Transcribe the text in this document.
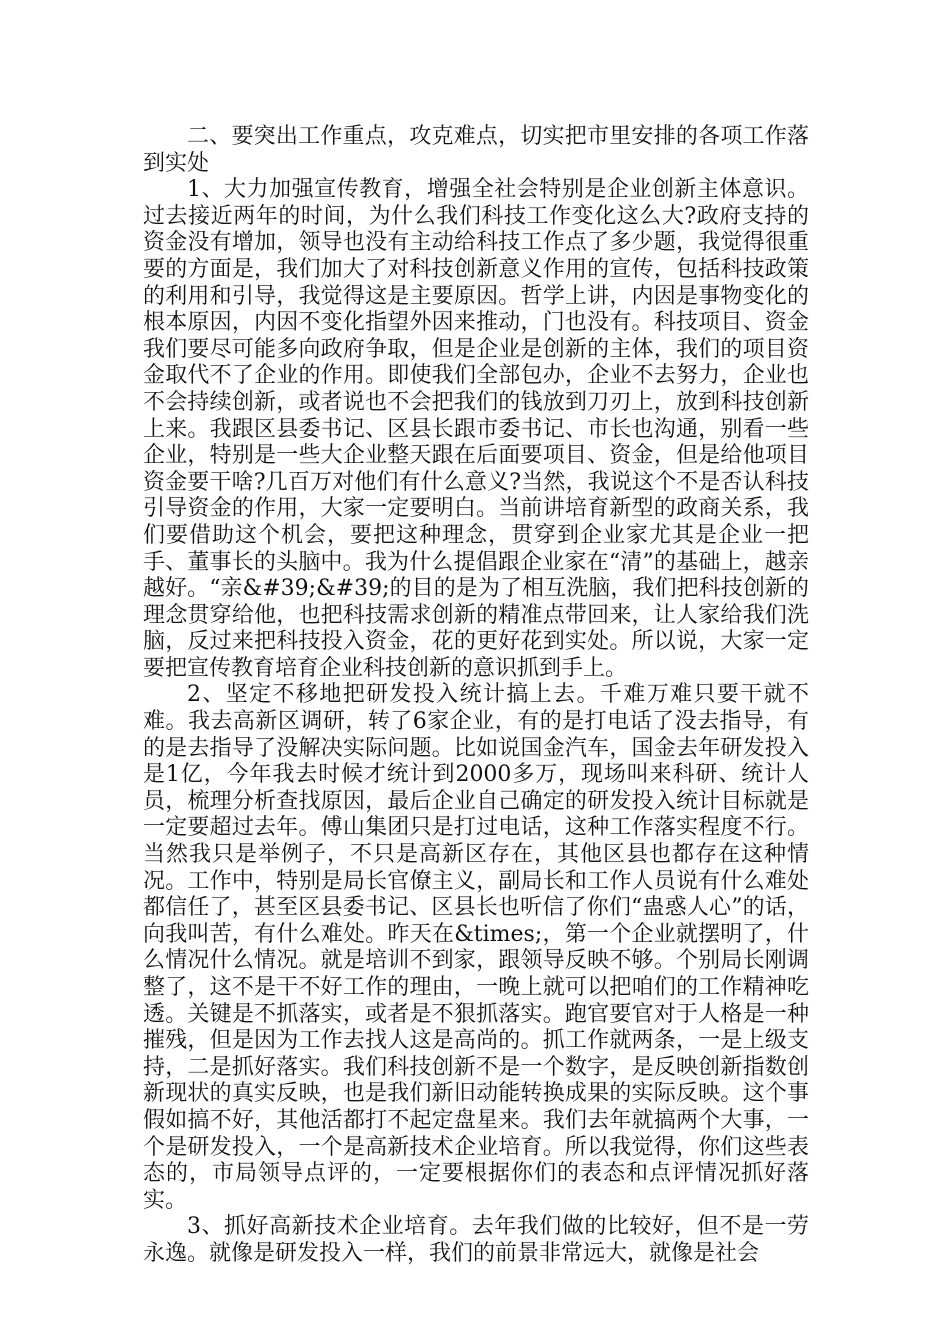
二、要突出工作重点，攻克难点，切实把市里安排的各项工作落到实处

1、大力加强宣传教育，增强全社会特别是企业创新主体意识。过去接近两年的时间，为什么我们科技工作变化这么大?政府支持的资金没有增加，领导也没有主动给科技工作点了多少题，我觉得很重要的方面是，我们加大了对科技创新意义作用的宣传，包括科技政策的利用和引导，我觉得这是主要原因。哲学上讲，内因是事物变化的根本原因，内因不变化指望外因来推动，门也没有。科技项目、资金我们要尽可能多向政府争取，但是企业是创新的主体，我们的项目资金取代不了企业的作用。即使我们全部包办，企业不去努力，企业也不会持续创新，或者说也不会把我们的钱放到刀刃上，放到科技创新上来。我跟区县委书记、区县长跟市委书记、市长也沟通，别看一些企业，特别是一些大企业整天跟在后面要项目、资金，但是给他项目资金要干啥?几百万对他们有什么意义?当然，我说这个不是否认科技引导资金的作用，大家一定要明白。当前讲培育新型的政商关系，我们要借助这个机会，要把这种理念，贯穿到企业家尤其是企业一把手、董事长的头脑中。我为什么提倡跟企业家在“清”的基础上，越亲越好。“亲&#39;&#39;的目的是为了相互洗脑，我们把科技创新的理念贯穿给他，也把科技需求创新的精准点带回来，让人家给我们洗脑，反过来把科技投入资金，花的更好花到实处。所以说，大家一定要把宣传教育培育企业科技创新的意识抓到手上。

2、坚定不移地把研发投入统计搞上去。千难万难只要干就不难。我去高新区调研，转了6家企业，有的是打电话了没去指导，有的是去指导了没解决实际问题。比如说国金汽车，国金去年研发投入是1亿，今年我去时候才统计到2000多万，现场叫来科研、统计人员，梳理分析查找原因，最后企业自己确定的研发投入统计目标就是一定要超过去年。傅山集团只是打过电话，这种工作落实程度不行。当然我只是举例子，不只是高新区存在，其他区县也都存在这种情况。工作中，特别是局长官僚主义，副局长和工作人员说有什么难处都信任了，甚至区县委书记、区县长也听信了你们“蛊惑人心”的话，向我叫苦，有什么难处。昨天在&times;，第一个企业就摆明了，什么情况什么情况。就是培训不到家，跟领导反映不够。个别局长刚调整了，这不是干不好工作的理由，一晚上就可以把咱们的工作精神吃透。关键是不抓落实，或者是不狠抓落实。跑官要官对于人格是一种摧残，但是因为工作去找人这是高尚的。抓工作就两条，一是上级支持，二是抓好落实。我们科技创新不是一个数字，是反映创新指数创新现状的真实反映，也是我们新旧动能转换成果的实际反映。这个事假如搞不好，其他活都打不起定盘星来。我们去年就搞两个大事，一个是研发投入，一个是高新技术企业培育。所以我觉得，你们这些表态的，市局领导点评的，一定要根据你们的表态和点评情况抓好落实。

3、抓好高新技术企业培育。去年我们做的比较好，但不是一劳永逸。就像是研发投入一样，我们的前景非常远大，就像是社会
